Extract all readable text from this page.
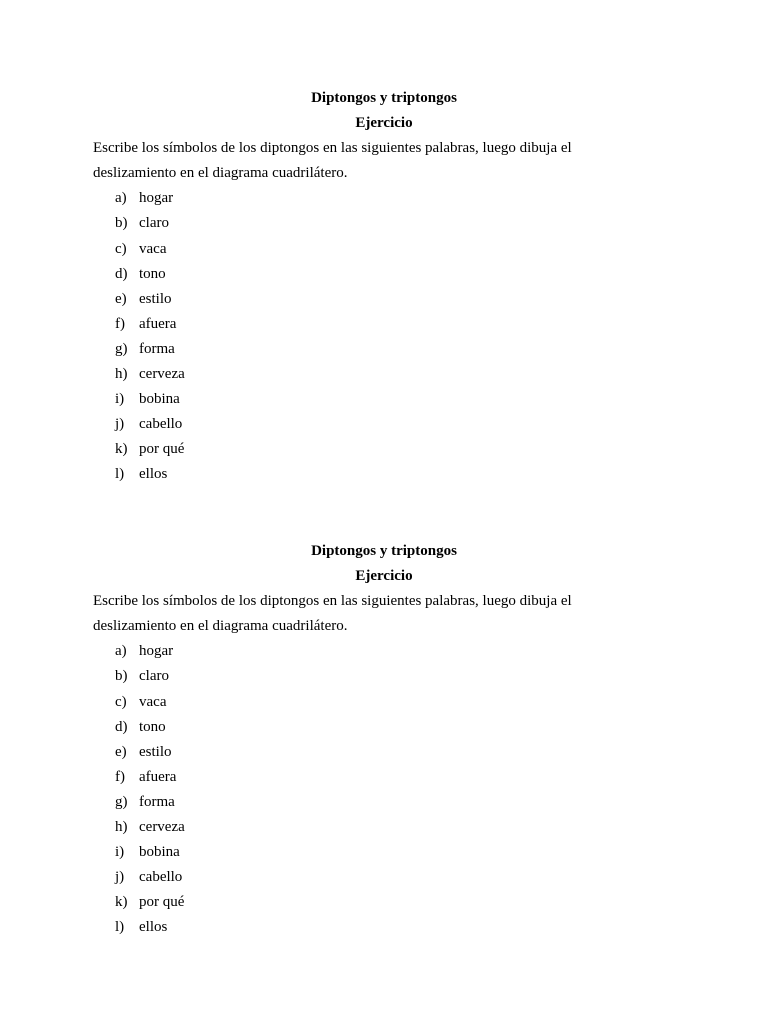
Diptongos y triptongos
Ejercicio
Escribe los símbolos de los diptongos en las siguientes palabras, luego dibuja el deslizamiento en el diagrama cuadrilátero.
a) hogar
b) claro
c) vaca
d) tono
e) estilo
f) afuera
g) forma
h) cerveza
i) bobina
j) cabello
k) por qué
l) ellos
Diptongos y triptongos
Ejercicio
Escribe los símbolos de los diptongos en las siguientes palabras, luego dibuja el deslizamiento en el diagrama cuadrilátero.
a) hogar
b) claro
c) vaca
d) tono
e) estilo
f) afuera
g) forma
h) cerveza
i) bobina
j) cabello
k) por qué
l) ellos
